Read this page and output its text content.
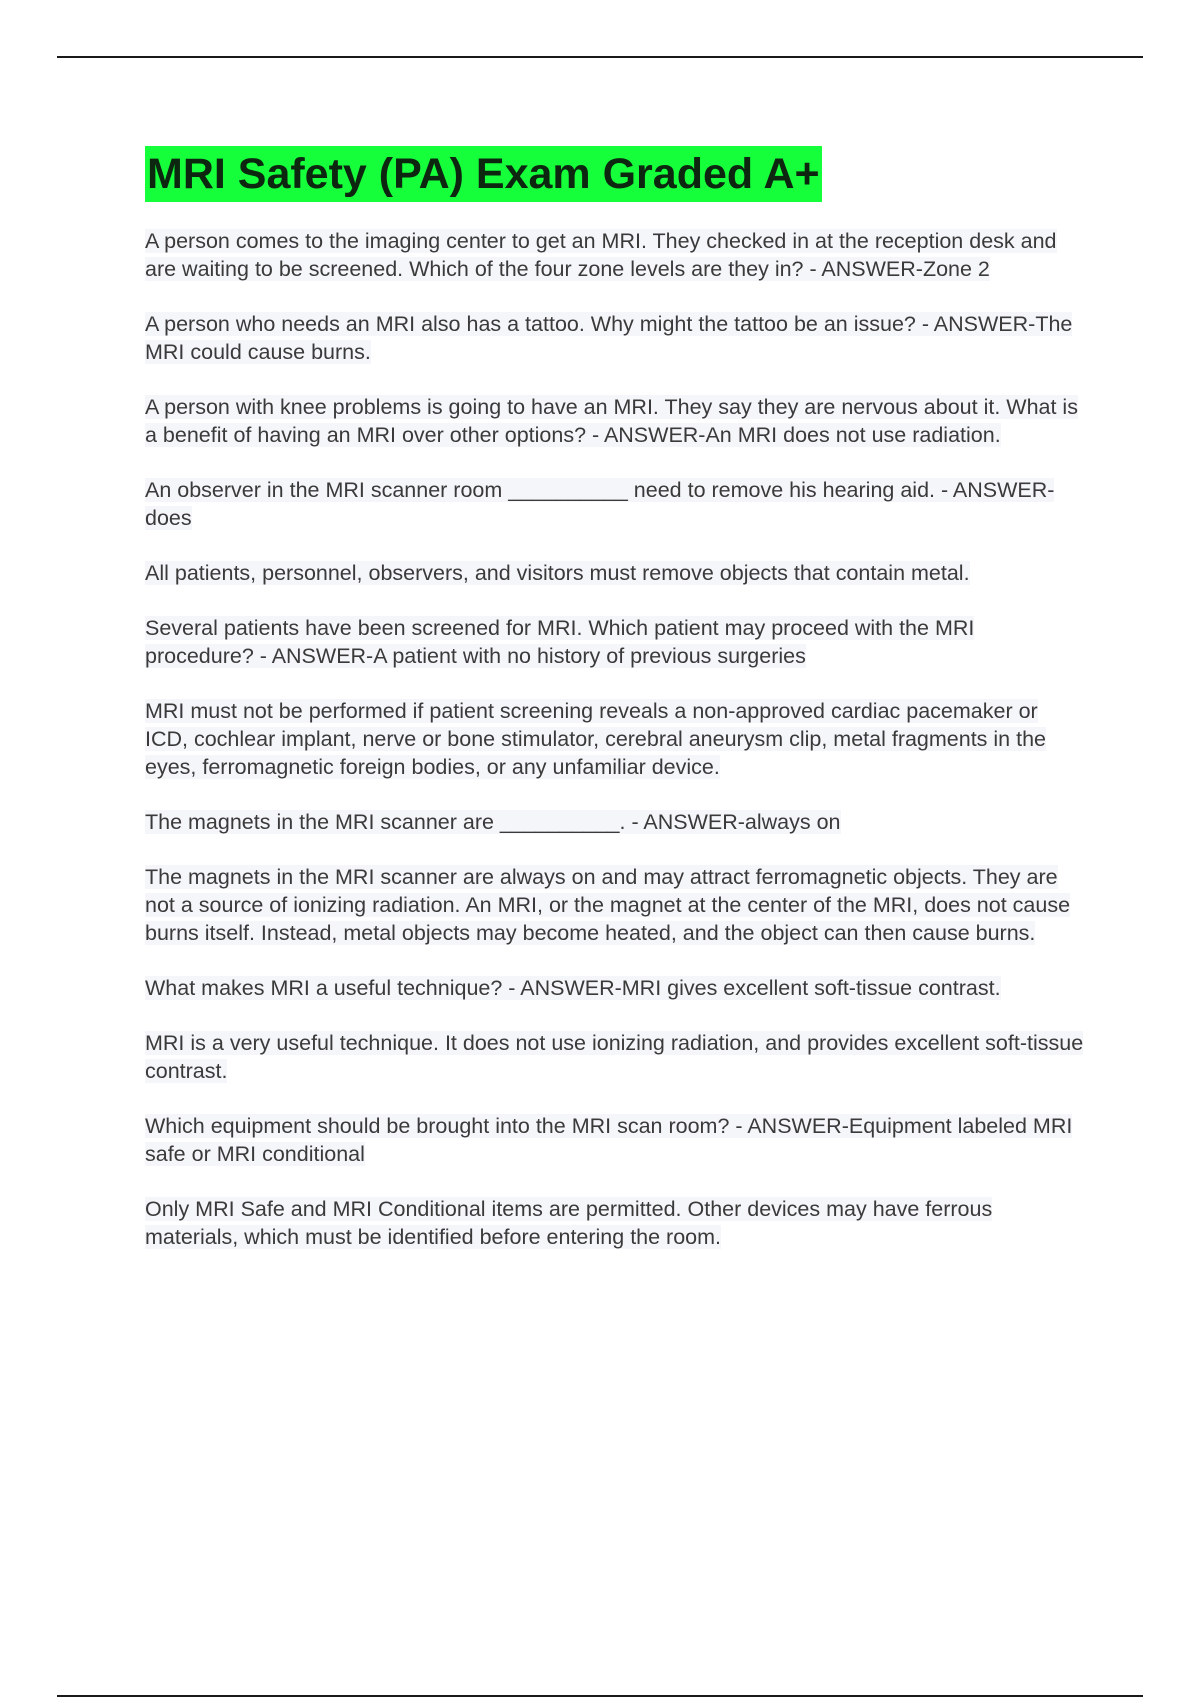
MRI Safety (PA) Exam Graded A+

A person comes to the imaging center to get an MRI. They checked in at the reception desk and are waiting to be screened. Which of the four zone levels are they in? - ANSWER-Zone 2

A person who needs an MRI also has a tattoo. Why might the tattoo be an issue? - ANSWER-The MRI could cause burns.

A person with knee problems is going to have an MRI. They say they are nervous about it. What is a benefit of having an MRI over other options? - ANSWER-An MRI does not use radiation.

An observer in the MRI scanner room __________ need to remove his hearing aid. - ANSWER-does

All patients, personnel, observers, and visitors must remove objects that contain metal.

Several patients have been screened for MRI. Which patient may proceed with the MRI procedure? - ANSWER-A patient with no history of previous surgeries

MRI must not be performed if patient screening reveals a non-approved cardiac pacemaker or ICD, cochlear implant, nerve or bone stimulator, cerebral aneurysm clip, metal fragments in the eyes, ferromagnetic foreign bodies, or any unfamiliar device.

The magnets in the MRI scanner are __________. - ANSWER-always on

The magnets in the MRI scanner are always on and may attract ferromagnetic objects. They are not a source of ionizing radiation. An MRI, or the magnet at the center of the MRI, does not cause burns itself. Instead, metal objects may become heated, and the object can then cause burns.

What makes MRI a useful technique? - ANSWER-MRI gives excellent soft-tissue contrast.

MRI is a very useful technique. It does not use ionizing radiation, and provides excellent soft-tissue contrast.

Which equipment should be brought into the MRI scan room? - ANSWER-Equipment labeled MRI safe or MRI conditional

Only MRI Safe and MRI Conditional items are permitted. Other devices may have ferrous materials, which must be identified before entering the room.
